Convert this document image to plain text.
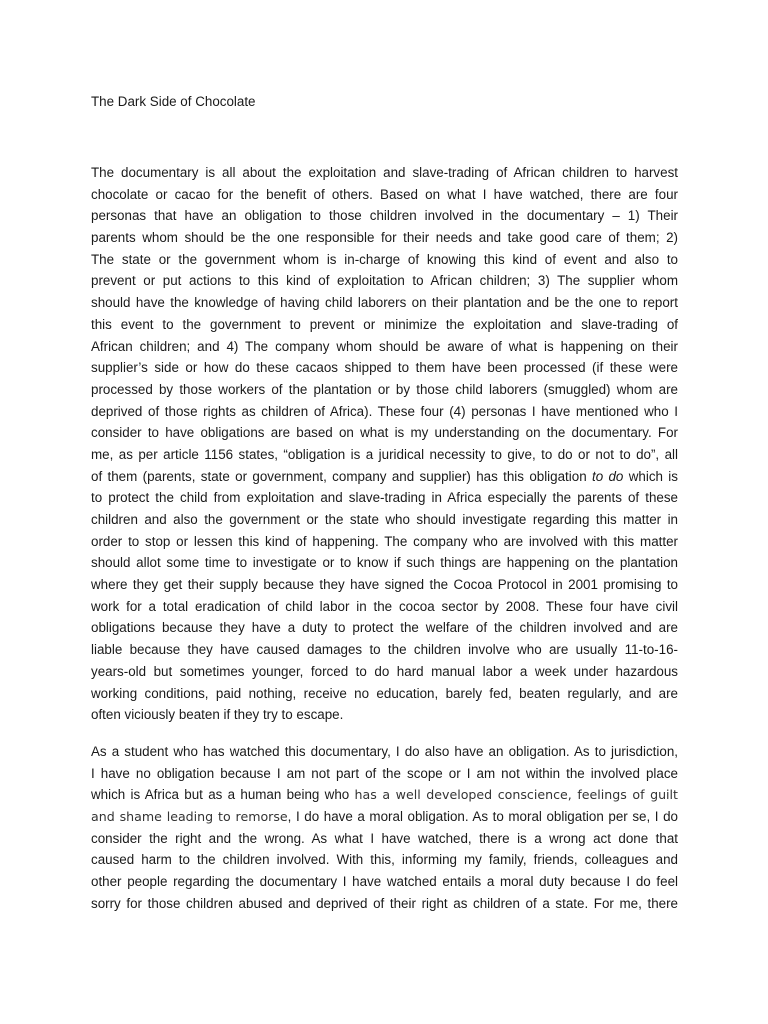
The Dark Side of Chocolate
The documentary is all about the exploitation and slave-trading of African children to harvest
chocolate or cacao for the benefit of others. Based on what I have watched, there are four
personas that have an obligation to those children involved in the documentary – 1) Their
parents whom should be the one responsible for their needs and take good care of them; 2)
The state or the government whom is in-charge of knowing this kind of event and also to
prevent or put actions to this kind of exploitation to African children; 3) The supplier whom
should have the knowledge of having child laborers on their plantation and be the one to report
this event to the government to prevent or minimize the exploitation and slave-trading of
African children; and 4) The company whom should be aware of what is happening on their
supplier’s side or how do these cacaos shipped to them have been processed (if these were
processed by those workers of the plantation or by those child laborers (smuggled) whom are
deprived of those rights as children of Africa). These four (4) personas I have mentioned who I
consider to have obligations are based on what is my understanding on the documentary. For
me, as per article 1156 states, “obligation is a juridical necessity to give, to do or not to do”, all
of them (parents, state or government, company and supplier) has this obligation to do which is
to protect the child from exploitation and slave-trading in Africa especially the parents of these
children and also the government or the state who should investigate regarding this matter in
order to stop or lessen this kind of happening. The company who are involved with this matter
should allot some time to investigate or to know if such things are happening on the plantation
where they get their supply because they have signed the Cocoa Protocol in 2001 promising to
work for a total eradication of child labor in the cocoa sector by 2008. These four have civil
obligations because they have a duty to protect the welfare of the children involved and are
liable because they have caused damages to the children involve who are usually 11-to-16-
years-old but sometimes younger, forced to do hard manual labor a week under hazardous
working conditions, paid nothing, receive no education, barely fed, beaten regularly, and are
often viciously beaten if they try to escape.
As a student who has watched this documentary, I do also have an obligation. As to jurisdiction,
I have no obligation because I am not part of the scope or I am not within the involved place
which is Africa but as a human being who has a well developed conscience, feelings of guilt
and shame leading to remorse, I do have a moral obligation. As to moral obligation per se, I do
consider the right and the wrong. As what I have watched, there is a wrong act done that
caused harm to the children involved. With this, informing my family, friends, colleagues and
other people regarding the documentary I have watched entails a moral duty because I do feel
sorry for those children abused and deprived of their right as children of a state. For me, there
